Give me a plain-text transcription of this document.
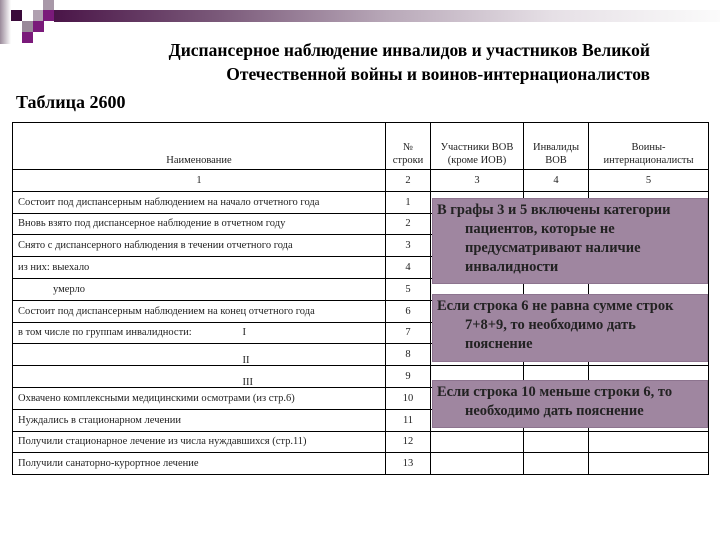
Диспансерное наблюдение инвалидов и участников Великой
Отечественной войны и воинов-интернационалистов
Таблица 2600
Наименование	№ строки	Участники ВОВ (кроме ИОВ)	Инвалиды ВОВ	Воины-интернационалисты
1	2	3	4	5
Состоит под диспансерным наблюдением на начало отчетного года	1			
Вновь взято под диспансерное наблюдение в отчетном году	2			
Снято с диспансерного наблюдения в течении отчетного года	3			
из них: выехало	4			
умерло	5			
Состоит под диспансерным наблюдением на конец отчетного года	6			
в том числе по группам инвалидности: I	7			

II	8			

III	9			
Охвачено комплексными медицинскими осмотрами (из стр.6)	10			
Нуждались в стационарном лечении	11			
Получили стационарное лечение из числа нуждавшихся (стр.11)	12			
Получили санаторно-курортное лечение	13			
В графы 3 и 5 включены категории пациентов, которые не предусматривают наличие инвалидности
Если строка 6 не равна сумме строк 7+8+9, то необходимо дать пояснение
Если строка 10 меньше строки 6, то необходимо дать пояснение
